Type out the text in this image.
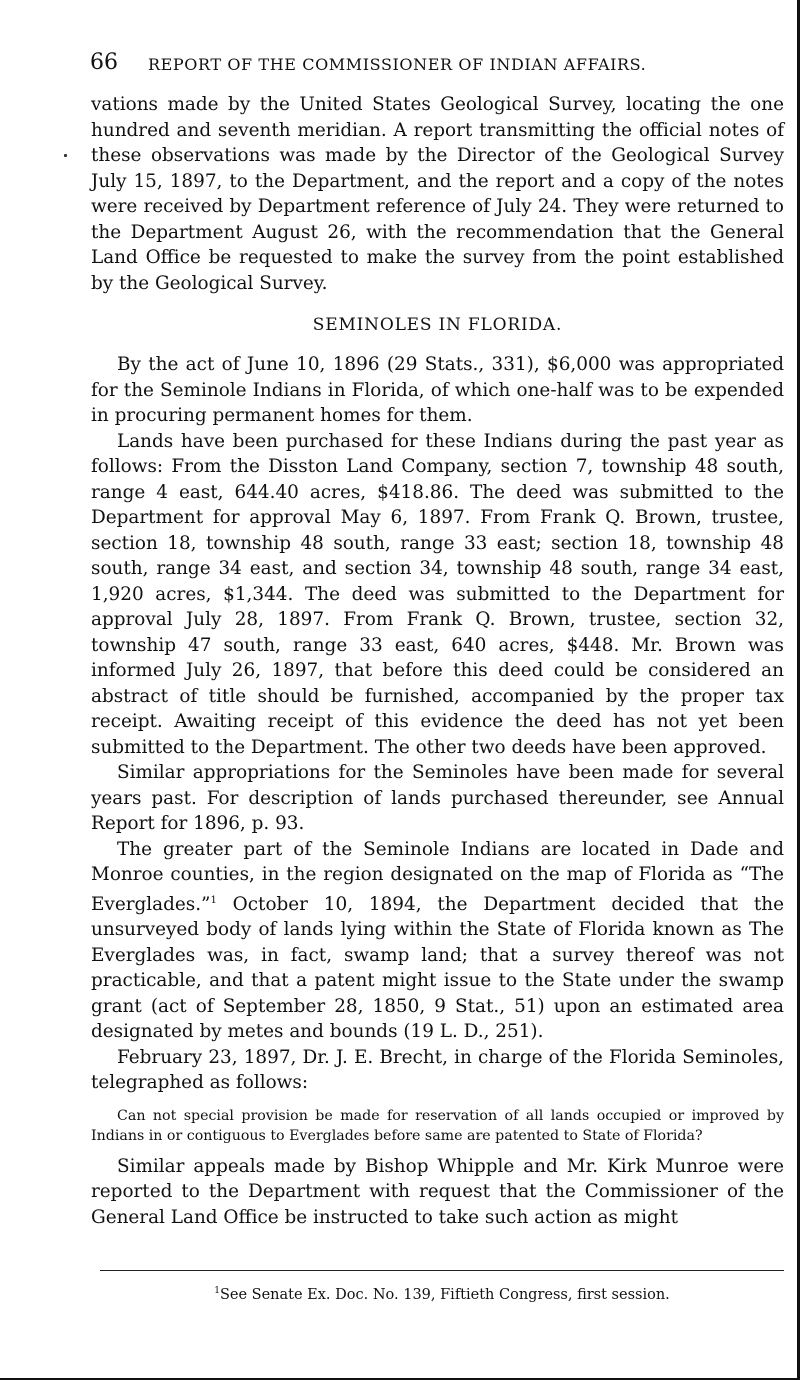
66 REPORT OF THE COMMISSIONER OF INDIAN AFFAIRS.

vations made by the United States Geological Survey, locating the one hundred and seventh meridian. A report transmitting the official notes of these observations was made by the Director of the Geological Survey July 15, 1897, to the Department, and the report and a copy of the notes were received by Department reference of July 24. They were returned to the Department August 26, with the recommendation that the General Land Office be requested to make the survey from the point established by the Geological Survey.

SEMINOLES IN FLORIDA.

By the act of June 10, 1896 (29 Stats., 331), $6,000 was appropriated for the Seminole Indians in Florida, of which one-half was to be expended in procuring permanent homes for them.

Lands have been purchased for these Indians during the past year as follows: From the Disston Land Company, section 7, township 48 south, range 4 east, 644.40 acres, $418.86. The deed was submitted to the Department for approval May 6, 1897. From Frank Q. Brown, trustee, section 18, township 48 south, range 33 east; section 18, township 48 south, range 34 east, and section 34, township 48 south, range 34 east, 1,920 acres, $1,344. The deed was submitted to the Department for approval July 28, 1897. From Frank Q. Brown, trustee, section 32, township 47 south, range 33 east, 640 acres, $448. Mr. Brown was informed July 26, 1897, that before this deed could be considered an abstract of title should be furnished, accompanied by the proper tax receipt. Awaiting receipt of this evidence the deed has not yet been submitted to the Department. The other two deeds have been approved.

Similar appropriations for the Seminoles have been made for several years past. For description of lands purchased thereunder, see Annual Report for 1896, p. 93.

The greater part of the Seminole Indians are located in Dade and Monroe counties, in the region designated on the map of Florida as “The Everglades.”$^1$ October 10, 1894, the Department decided that the unsurveyed body of lands lying within the State of Florida known as The Everglades was, in fact, swamp land; that a survey thereof was not practicable, and that a patent might issue to the State under the swamp grant (act of September 28, 1850, 9 Stat., 51) upon an estimated area designated by metes and bounds (19 L. D., 251).

February 23, 1897, Dr. J. E. Brecht, in charge of the Florida Seminoles, telegraphed as follows:

Can not special provision be made for reservation of all lands occupied or improved by Indians in or contiguous to Everglades before same are patented to State of Florida?

Similar appeals made by Bishop Whipple and Mr. Kirk Munroe were reported to the Department with request that the Commissioner of the General Land Office be instructed to take such action as might

$^1$See Senate Ex. Doc. No. 139, Fiftieth Congress, first session.
